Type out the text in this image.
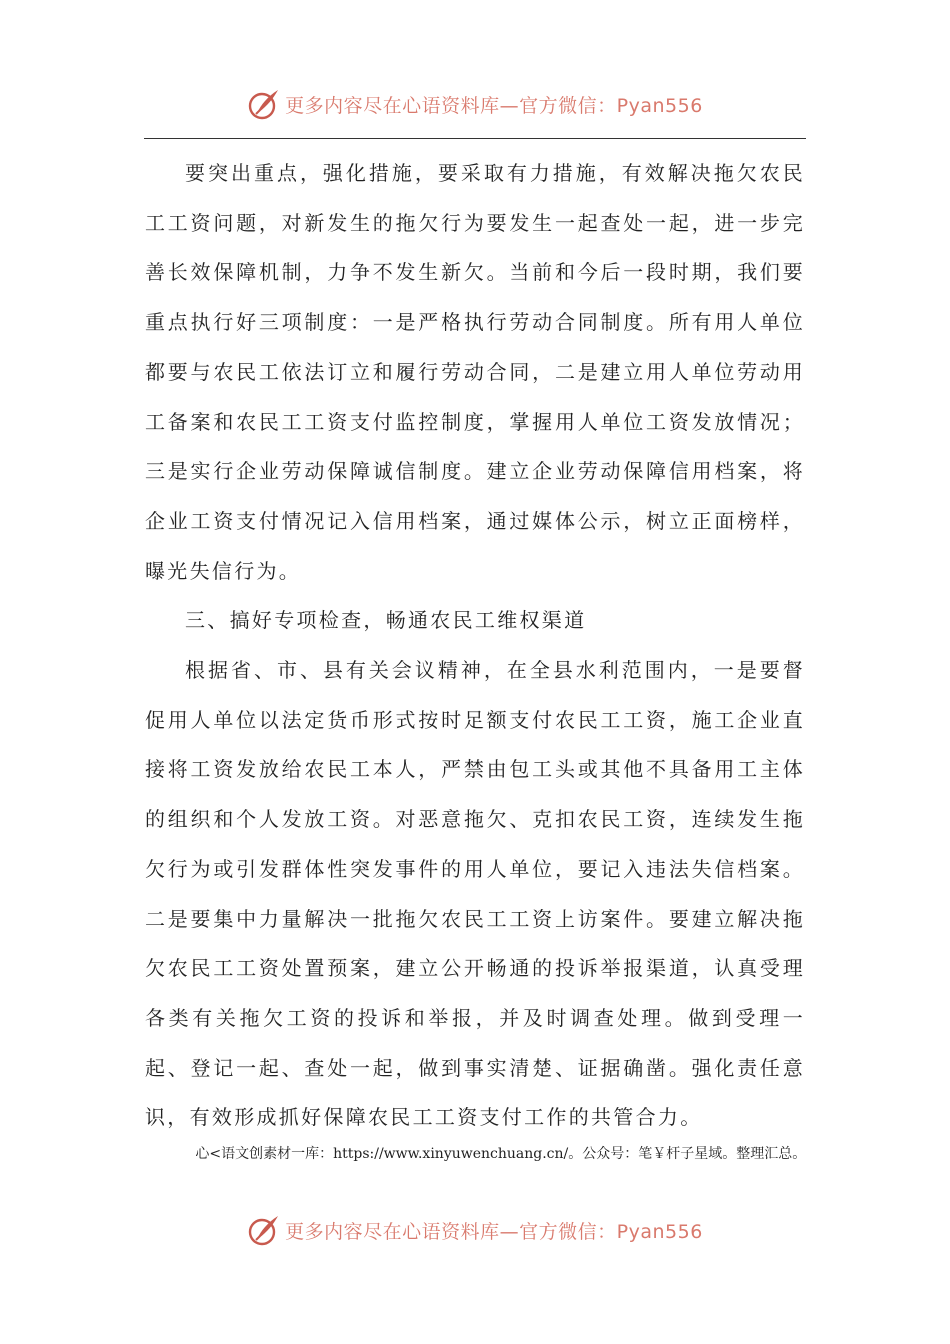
更多内容尽在心语资料库—官方微信：Pyan556

要突出重点，强化措施，要采取有力措施，有效解决拖欠农民工工资问题，对新发生的拖欠行为要发生一起查处一起，进一步完善长效保障机制，力争不发生新欠。当前和今后一段时期，我们要重点执行好三项制度：一是严格执行劳动合同制度。所有用人单位都要与农民工依法订立和履行劳动合同，二是建立用人单位劳动用工备案和农民工工资支付监控制度，掌握用人单位工资发放情况；三是实行企业劳动保障诚信制度。建立企业劳动保障信用档案，将企业工资支付情况记入信用档案，通过媒体公示，树立正面榜样，曝光失信行为。

三、搞好专项检查，畅通农民工维权渠道

根据省、市、县有关会议精神，在全县水利范围内，一是要督促用人单位以法定货币形式按时足额支付农民工工资，施工企业直接将工资发放给农民工本人，严禁由包工头或其他不具备用工主体的组织和个人发放工资。对恶意拖欠、克扣农民工资，连续发生拖欠行为或引发群体性突发事件的用人单位，要记入违法失信档案。二是要集中力量解决一批拖欠农民工工资上访案件。要建立解决拖欠农民工工资处置预案，建立公开畅通的投诉举报渠道，认真受理各类有关拖欠工资的投诉和举报，并及时调查处理。做到受理一起、登记一起、查处一起，做到事实清楚、证据确凿。强化责任意识，有效形成抓好保障农民工工资支付工作的共管合力。

心<语文创素材一库：https://www.xinyuwenchuang.cn/。公众号：笔￥杆子星域。整理汇总。
更多内容尽在心语资料库—官方微信：Pyan556
